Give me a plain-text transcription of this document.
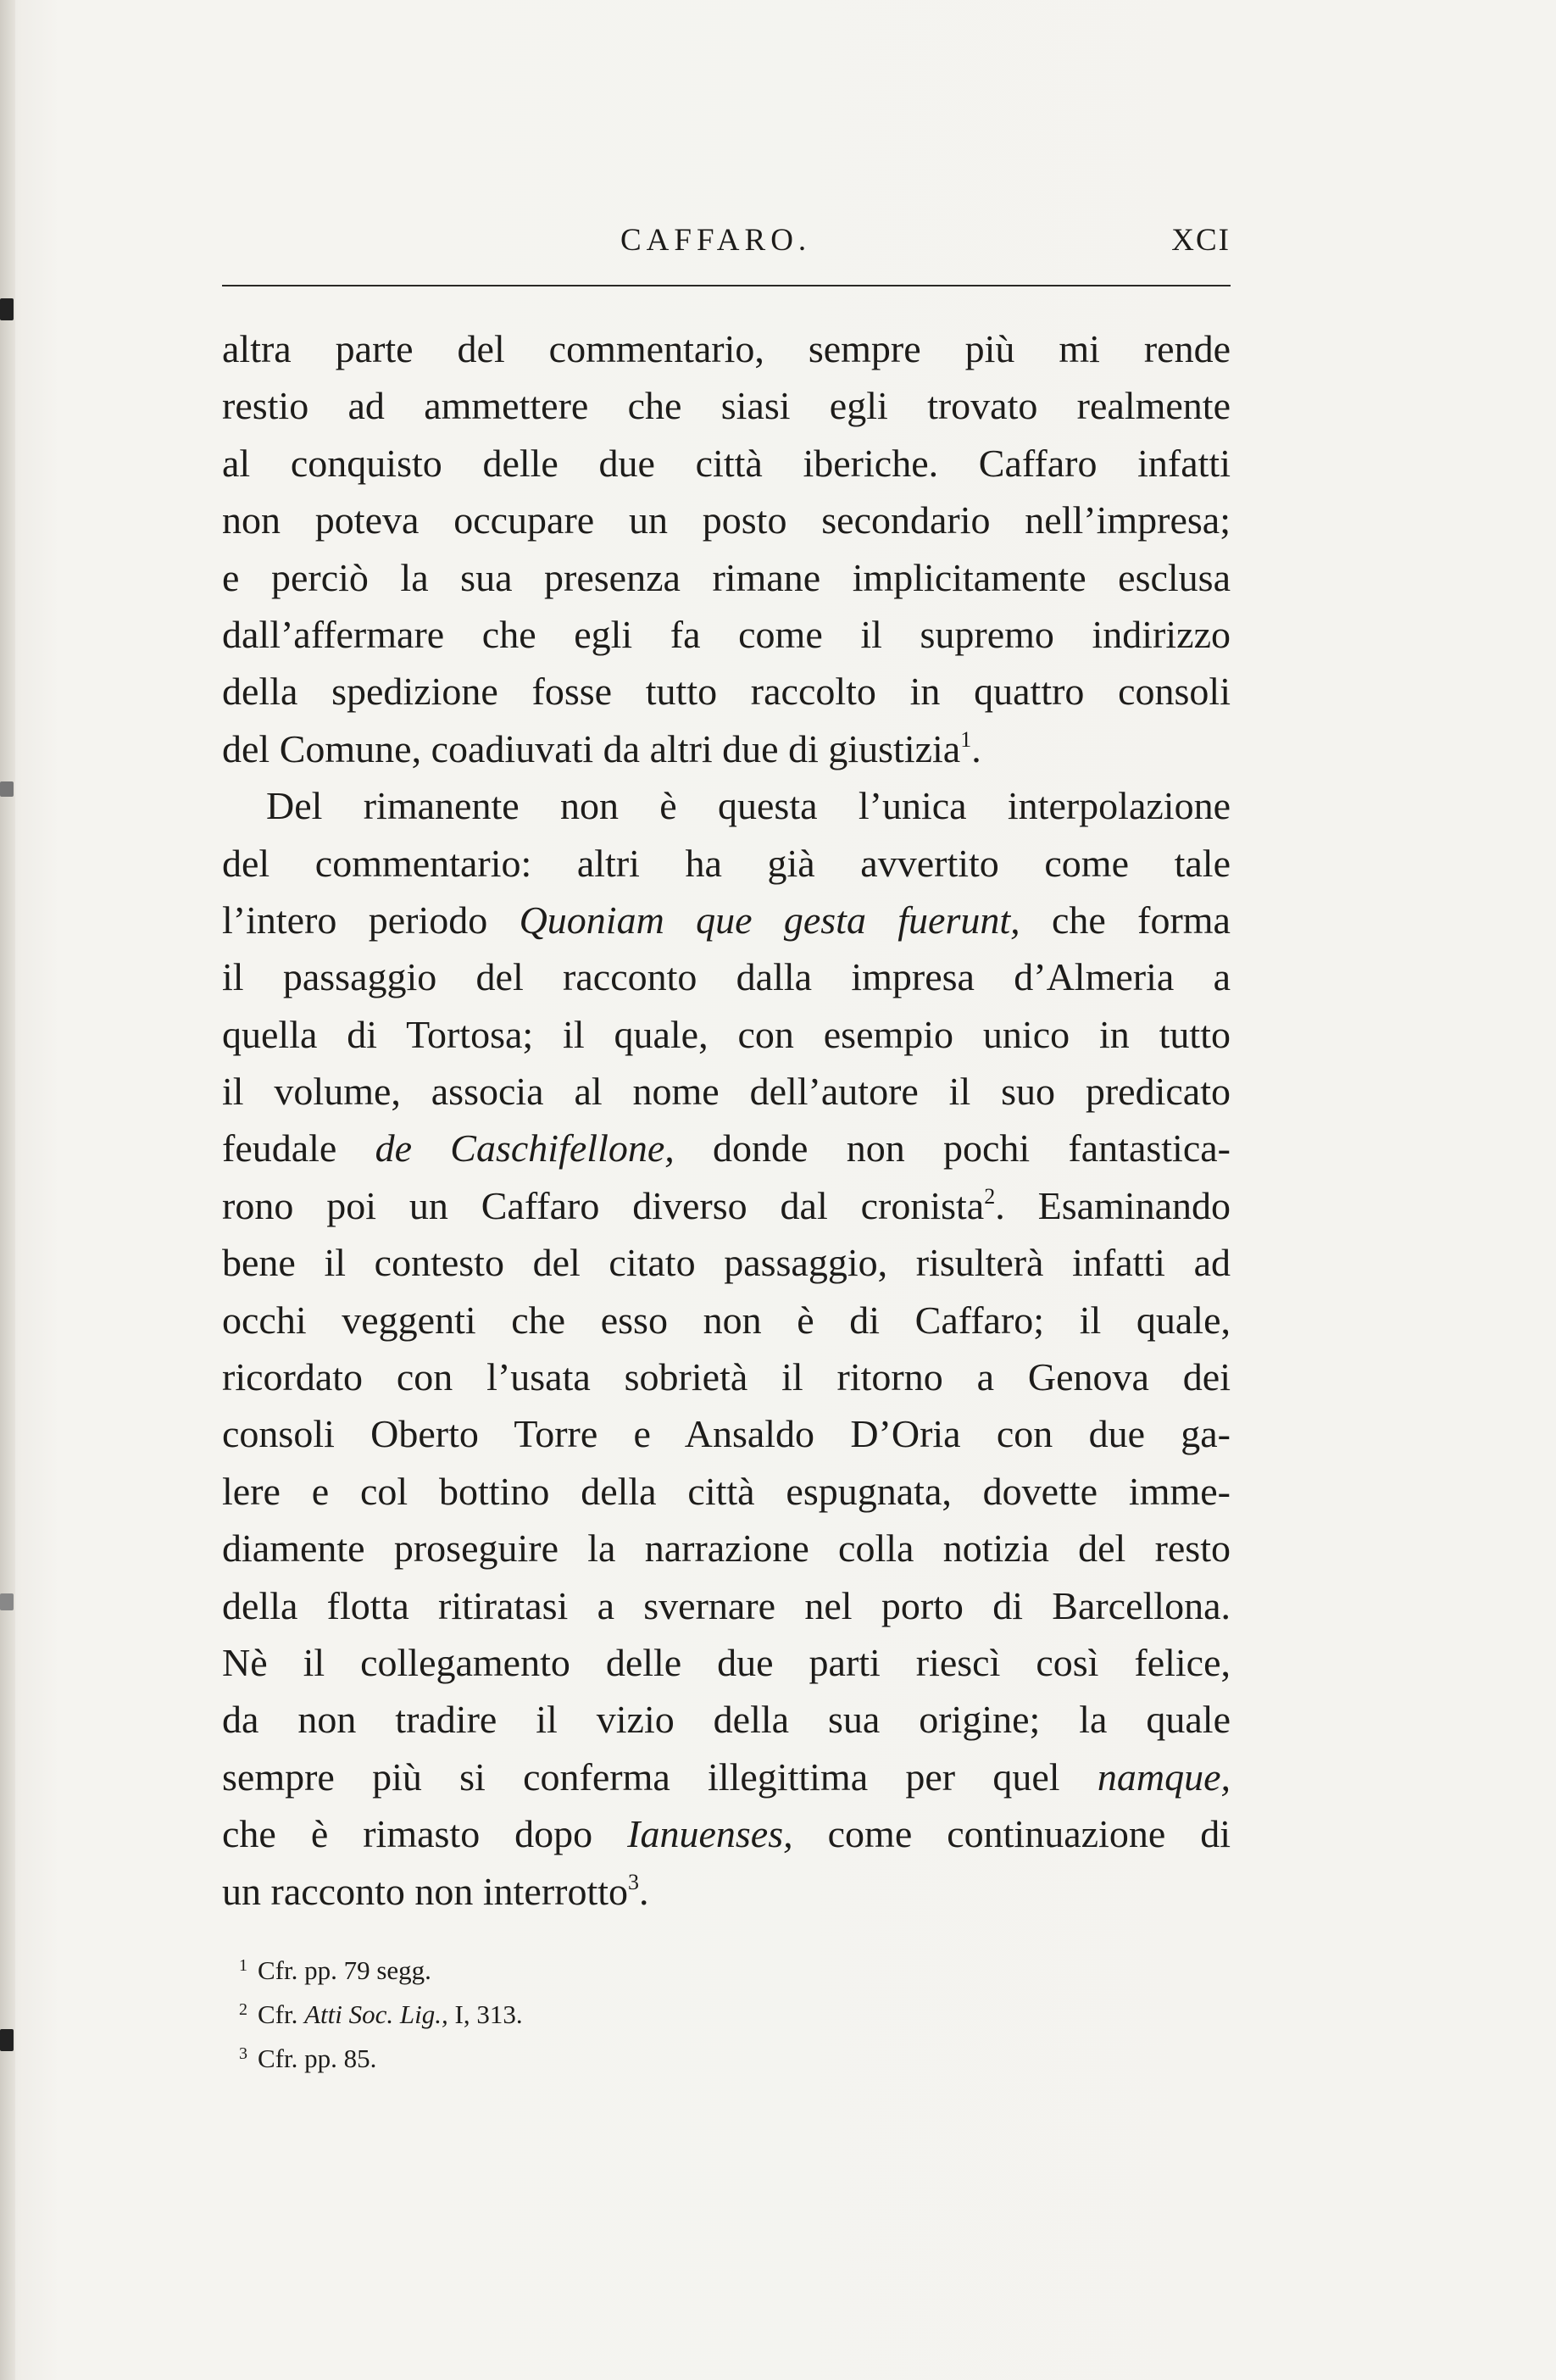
CAFFARO.	XCI
altra parte del commentario, sempre più mi rende
restio ad ammettere che siasi egli trovato realmente
al conquisto delle due città iberiche. Caffaro infatti
non poteva occupare un posto secondario nell’impresa;
e perciò la sua presenza rimane implicitamente esclusa
dall’affermare che egli fa come il supremo indirizzo
della spedizione fosse tutto raccolto in quattro consoli
del Comune, coadiuvati da altri due di giustizia$^1$.
Del rimanente non è questa l’unica interpolazione
del commentario: altri ha già avvertito come tale
l’intero periodo Quoniam que gesta fuerunt, che forma
il passaggio del racconto dalla impresa d’Almeria a
quella di Tortosa; il quale, con esempio unico in tutto
il volume, associa al nome dell’autore il suo predicato
feudale de Caschifellone, donde non pochi fantastica-
rono poi un Caffaro diverso dal cronista$^2$. Esaminando
bene il contesto del citato passaggio, risulterà infatti ad
occhi veggenti che esso non è di Caffaro; il quale,
ricordato con l’usata sobrietà il ritorno a Genova dei
consoli Oberto Torre e Ansaldo D’Oria con due ga-
lere e col bottino della città espugnata, dovette imme-
diamente proseguire la narrazione colla notizia del resto
della flotta ritiratasi a svernare nel porto di Barcellona.
Nè il collegamento delle due parti riescì così felice,
da non tradire il vizio della sua origine; la quale
sempre più si conferma illegittima per quel namque,
che è rimasto dopo Ianuenses, come continuazione di
un racconto non interrotto$^3$.
$^1$ Cfr. pp. 79 segg.
$^2$ Cfr. Atti Soc. Lig., I, 313.
$^3$ Cfr. pp. 85.
